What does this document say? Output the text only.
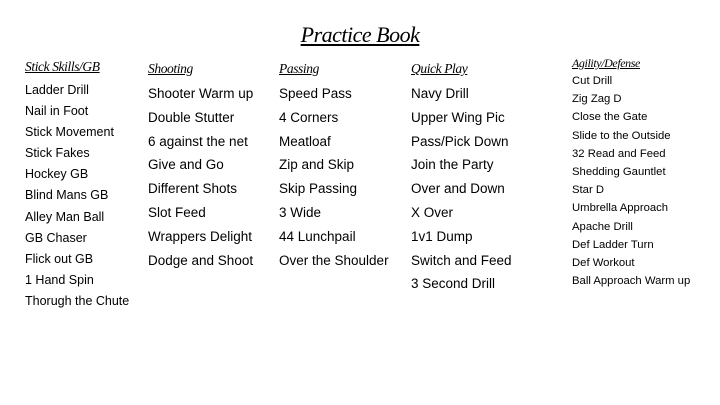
Practice Book
Stick Skills/GB
Ladder Drill
Nail in Foot
Stick Movement
Stick Fakes
Hockey GB
Blind Mans GB
Alley Man Ball
GB Chaser
Flick out GB
1 Hand Spin
Thorugh the Chute
Shooting
Shooter Warm up
Double Stutter
6 against the net
Give and Go
Different Shots
Slot Feed
Wrappers Delight
Dodge and Shoot
Passing
Speed Pass
4 Corners
Meatloaf
Zip and Skip
Skip Passing
3 Wide
44 Lunchpail
Over the Shoulder
Quick Play
Navy Drill
Upper Wing Pic
Pass/Pick Down
Join the Party
Over and Down
X Over
1v1 Dump
Switch and Feed
3 Second Drill
Agility/Defense
Cut Drill
Zig Zag D
Close the Gate
Slide to the Outside
32 Read and Feed
Shedding Gauntlet
Star D
Umbrella Approach
Apache Drill
Def Ladder Turn
Def Workout
Ball Approach Warm up
